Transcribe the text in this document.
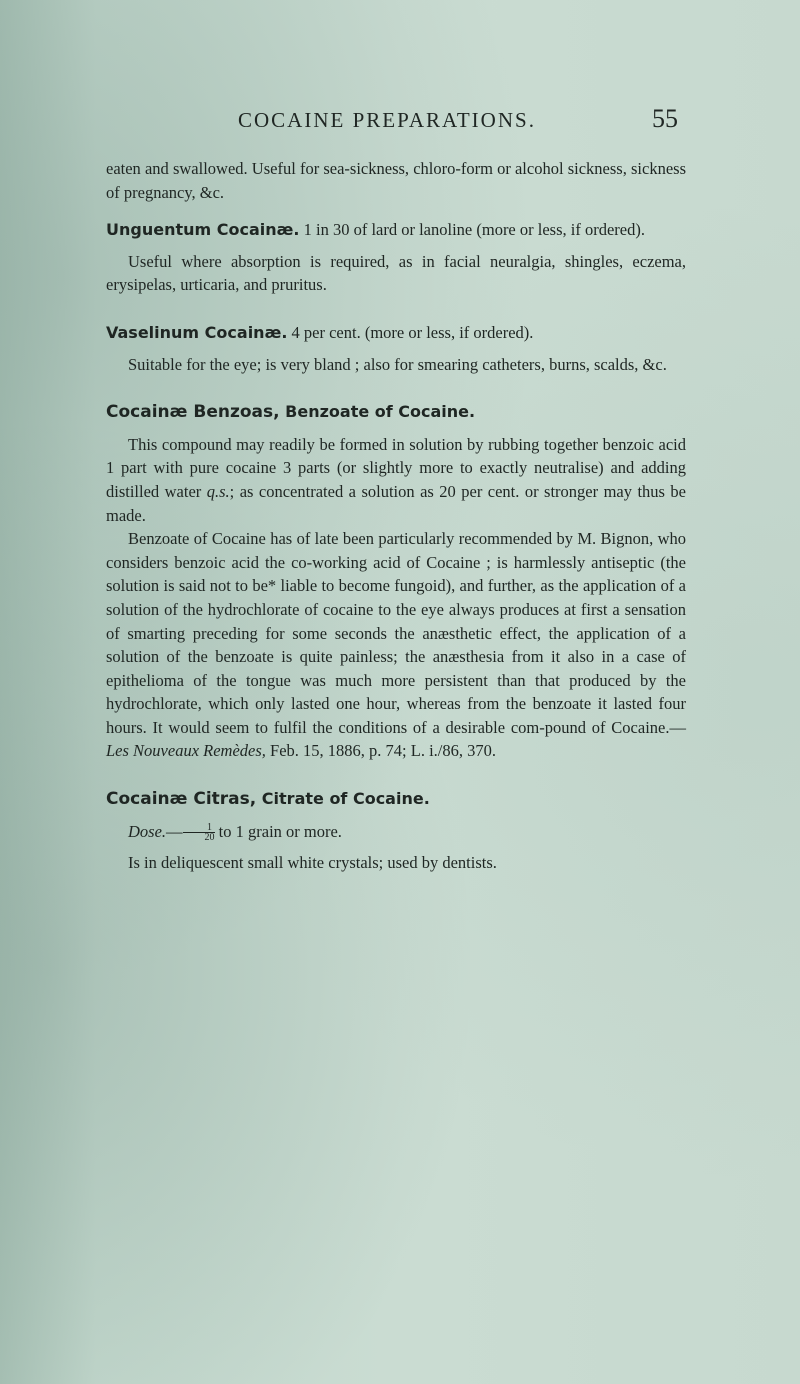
COCAINE PREPARATIONS.	55

eaten and swallowed. Useful for sea-sickness, chloro-form or alcohol sickness, sickness of pregnancy, &c.

Unguentum Cocainæ. 1 in 30 of lard or lanoline (more or less, if ordered).

Useful where absorption is required, as in facial neuralgia, shingles, eczema, erysipelas, urticaria, and pruritus.

Vaselinum Cocainæ. 4 per cent. (more or less, if ordered).

Suitable for the eye; is very bland ; also for smearing catheters, burns, scalds, &c.

Cocainæ Benzoas, Benzoate of Cocaine.

This compound may readily be formed in solution by rubbing together benzoic acid 1 part with pure cocaine 3 parts (or slightly more to exactly neutralise) and adding distilled water q.s.; as concentrated a solution as 20 per cent. or stronger may thus be made.

Benzoate of Cocaine has of late been particularly recommended by M. Bignon, who considers benzoic acid the co-working acid of Cocaine ; is harmlessly antiseptic (the solution is said not to be* liable to become fungoid), and further, as the application of a solution of the hydrochlorate of cocaine to the eye always produces at first a sensation of smarting preceding for some seconds the anæsthetic effect, the application of a solution of the benzoate is quite painless; the anæsthesia from it also in a case of epithelioma of the tongue was much more persistent than that produced by the hydrochlorate, which only lasted one hour, whereas from the benzoate it lasted four hours. It would seem to fulfil the conditions of a desirable com-pound of Cocaine.—Les Nouveaux Remèdes, Feb. 15, 1886, p. 74; L. i./86, 370.

Cocainæ Citras, Citrate of Cocaine.

Dose.— $\frac{1}{20}$ to 1 grain or more.

Is in deliquescent small white crystals; used by dentists.
